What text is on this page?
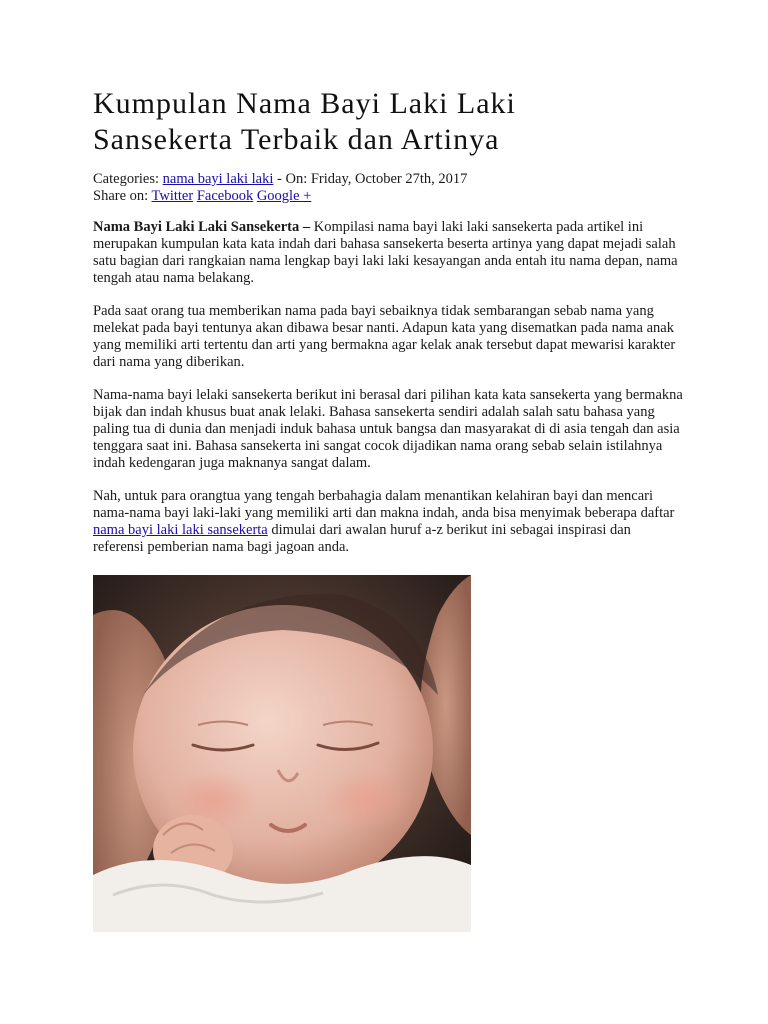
Kumpulan Nama Bayi Laki Laki
Sansekerta Terbaik dan Artinya
Categories: nama bayi laki laki - On: Friday, October 27th, 2017
Share on: Twitter Facebook Google +

Nama Bayi Laki Laki Sansekerta – Kompilasi nama bayi laki laki sansekerta pada artikel ini merupakan kumpulan kata kata indah dari bahasa sansekerta beserta artinya yang dapat mejadi salah satu bagian dari rangkaian nama lengkap bayi laki laki kesayangan anda entah itu nama depan, nama tengah atau nama belakang.

Pada saat orang tua memberikan nama pada bayi sebaiknya tidak sembarangan sebab nama yang melekat pada bayi tentunya akan dibawa besar nanti. Adapun kata yang disematkan pada nama anak yang memiliki arti tertentu dan arti yang bermakna agar kelak anak tersebut dapat mewarisi karakter dari nama yang diberikan.

Nama-nama bayi lelaki sansekerta berikut ini berasal dari pilihan kata kata sansekerta yang bermakna bijak dan indah khusus buat anak lelaki. Bahasa sansekerta sendiri adalah salah satu bahasa yang paling tua di dunia dan menjadi induk bahasa untuk bangsa dan masyarakat di di asia tengah dan asia tenggara saat ini. Bahasa sansekerta ini sangat cocok dijadikan nama orang sebab selain istilahnya indah kedengaran juga maknanya sangat dalam.

Nah, untuk para orangtua yang tengah berbahagia dalam menantikan kelahiran bayi dan mencari nama-nama bayi laki-laki yang memiliki arti dan makna indah, anda bisa menyimak beberapa daftar nama bayi laki laki sansekerta dimulai dari awalan huruf a-z berikut ini sebagai inspirasi dan referensi pemberian nama bagi jagoan anda.
